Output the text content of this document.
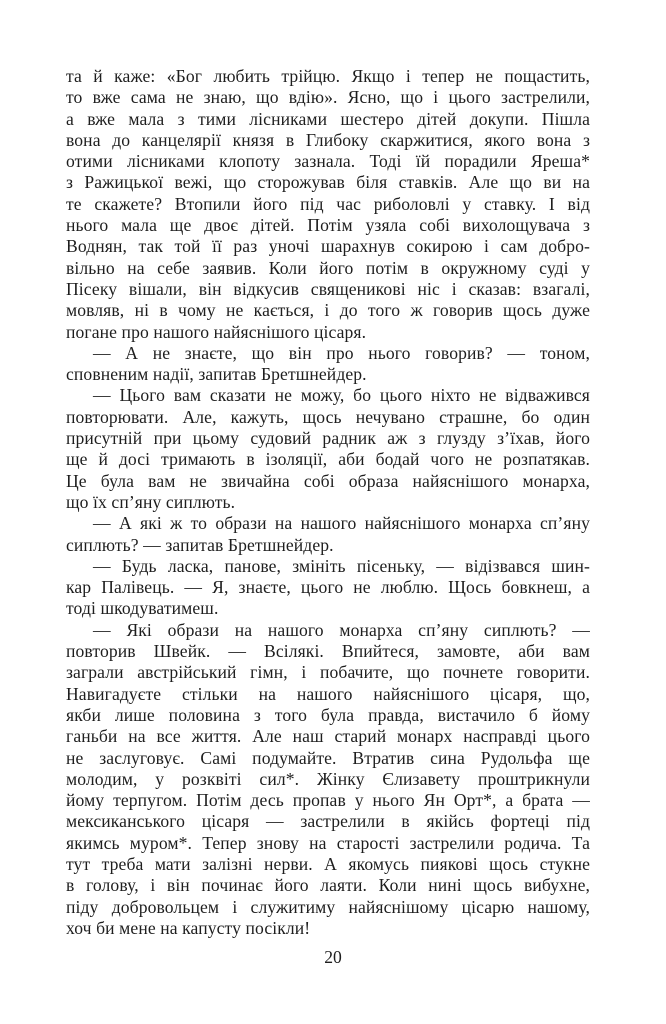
та й каже: «Бог любить трійцю. Якщо і тепер не пощастить,
то вже сама не знаю, що вдію». Ясно, що і цього застрелили,
а вже мала з тими лісниками шестеро дітей докупи. Пішла
вона до канцелярії князя в Глибоку скаржитися, якого вона з
отими лісниками клопоту зазнала. Тоді їй порадили Яреша*
з Ражицької вежі, що сторожував біля ставків. Але що ви на
те скажете? Втопили його під час риболовлі у ставку. І від
нього мала ще двоє дітей. Потім узяла собі вихолощувача з
Воднян, так той її раз уночі шарахнув сокирою і сам добро-
вільно на себе заявив. Коли його потім в окружному суді у
Пісеку вішали, він відкусив священикові ніс і сказав: взагалі,
мовляв, ні в чому не кається, і до того ж говорив щось дуже
погане про нашого найяснішого цісаря.
— А не знаєте, що він про нього говорив? — тоном,
сповненим надії, запитав Бретшнейдер.
— Цього вам сказати не можу, бо цього ніхто не відважився
повторювати. Але, кажуть, щось нечувано страшне, бо один
присутній при цьому судовий радник аж з глузду з’їхав, його
ще й досі тримають в ізоляції, аби бодай чого не розпатякав.
Це була вам не звичайна собі образа найяснішого монарха,
що їх сп’яну сиплють.
— А які ж то образи на нашого найяснішого монарха сп’яну
сиплють? — запитав Бретшнейдер.
— Будь ласка, панове, змініть пісеньку, — відізвався шин-
кар Палівець. — Я, знаєте, цього не люблю. Щось бовкнеш, а
тоді шкодуватимеш.
— Які образи на нашого монарха сп’яну сиплють? —
повторив Швейк. — Всілякі. Впийтеся, замовте, аби вам
заграли австрійський гімн, і побачите, що почнете говорити.
Навигадуєте стільки на нашого найяснішого цісаря, що,
якби лише половина з того була правда, вистачило б йому
ганьби на все життя. Але наш старий монарх насправді цього
не заслуговує. Самі подумайте. Втратив сина Рудольфа ще
молодим, у розквіті сил*. Жінку Єлизавету проштрикнули
йому терпугом. Потім десь пропав у нього Ян Орт*, а брата —
мексиканського цісаря — застрелили в якійсь фортеці під
якимсь муром*. Тепер знову на старості застрелили родича. Та
тут треба мати залізні нерви. А якомусь пиякові щось стукне
в голову, і він починає його лаяти. Коли нині щось вибухне,
піду добровольцем і служитиму найяснішому цісарю нашому,
хоч би мене на капусту посікли!
20
